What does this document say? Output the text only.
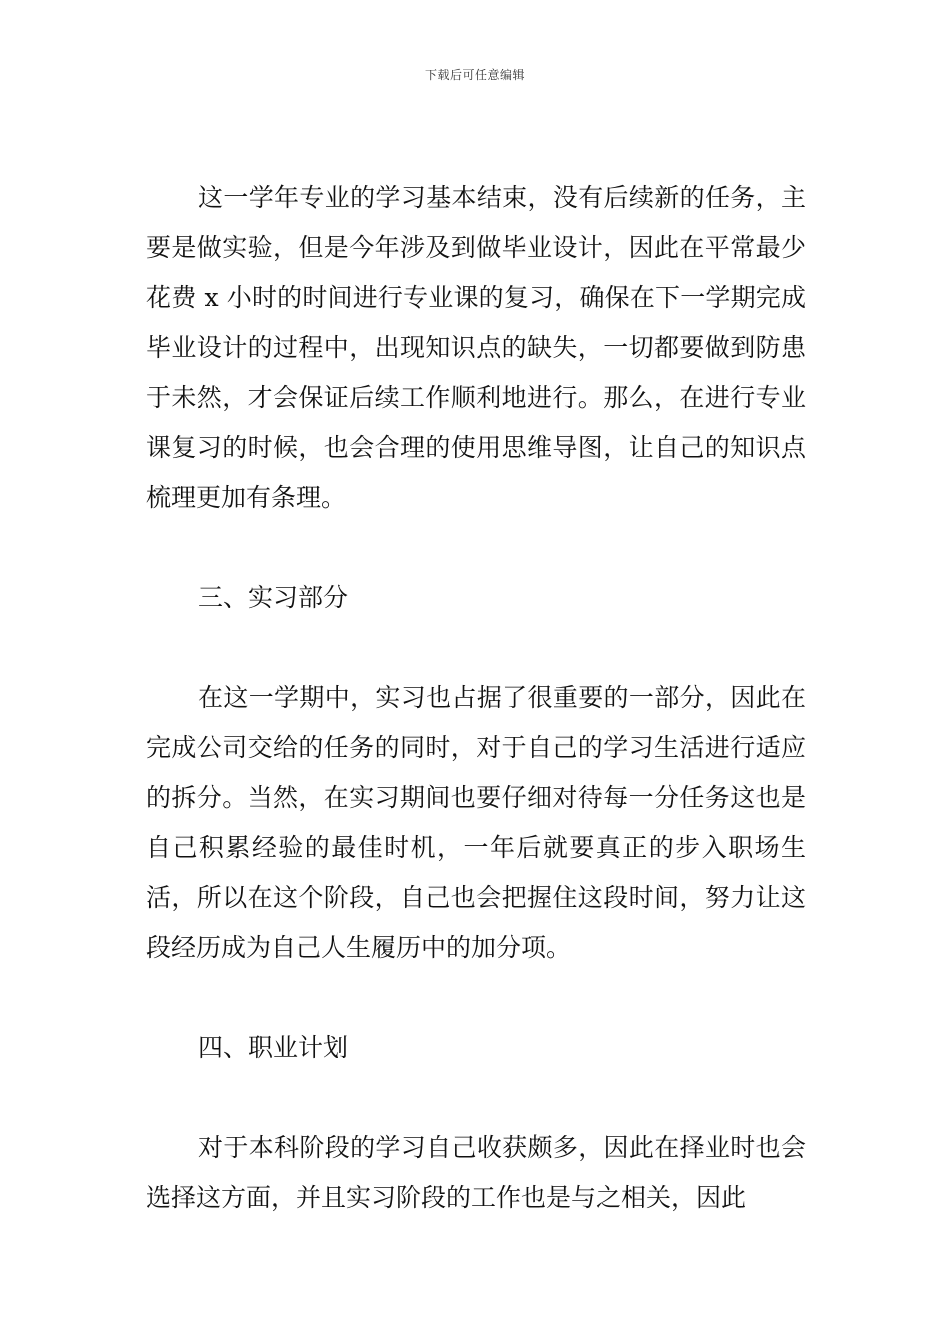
下载后可任意编辑

这一学年专业的学习基本结束，没有后续新的任务，主要是做实验，但是今年涉及到做毕业设计，因此在平常最少花费 x 小时的时间进行专业课的复习，确保在下一学期完成毕业设计的过程中，出现知识点的缺失，一切都要做到防患于未然，才会保证后续工作顺利地进行。那么，在进行专业课复习的时候，也会合理的使用思维导图，让自己的知识点梳理更加有条理。

三、实习部分

在这一学期中，实习也占据了很重要的一部分，因此在完成公司交给的任务的同时，对于自己的学习生活进行适应的拆分。当然，在实习期间也要仔细对待每一分任务这也是自己积累经验的最佳时机，一年后就要真正的步入职场生活，所以在这个阶段，自己也会把握住这段时间，努力让这段经历成为自己人生履历中的加分项。

四、职业计划

对于本科阶段的学习自己收获颇多，因此在择业时也会选择这方面，并且实习阶段的工作也是与之相关，因此
